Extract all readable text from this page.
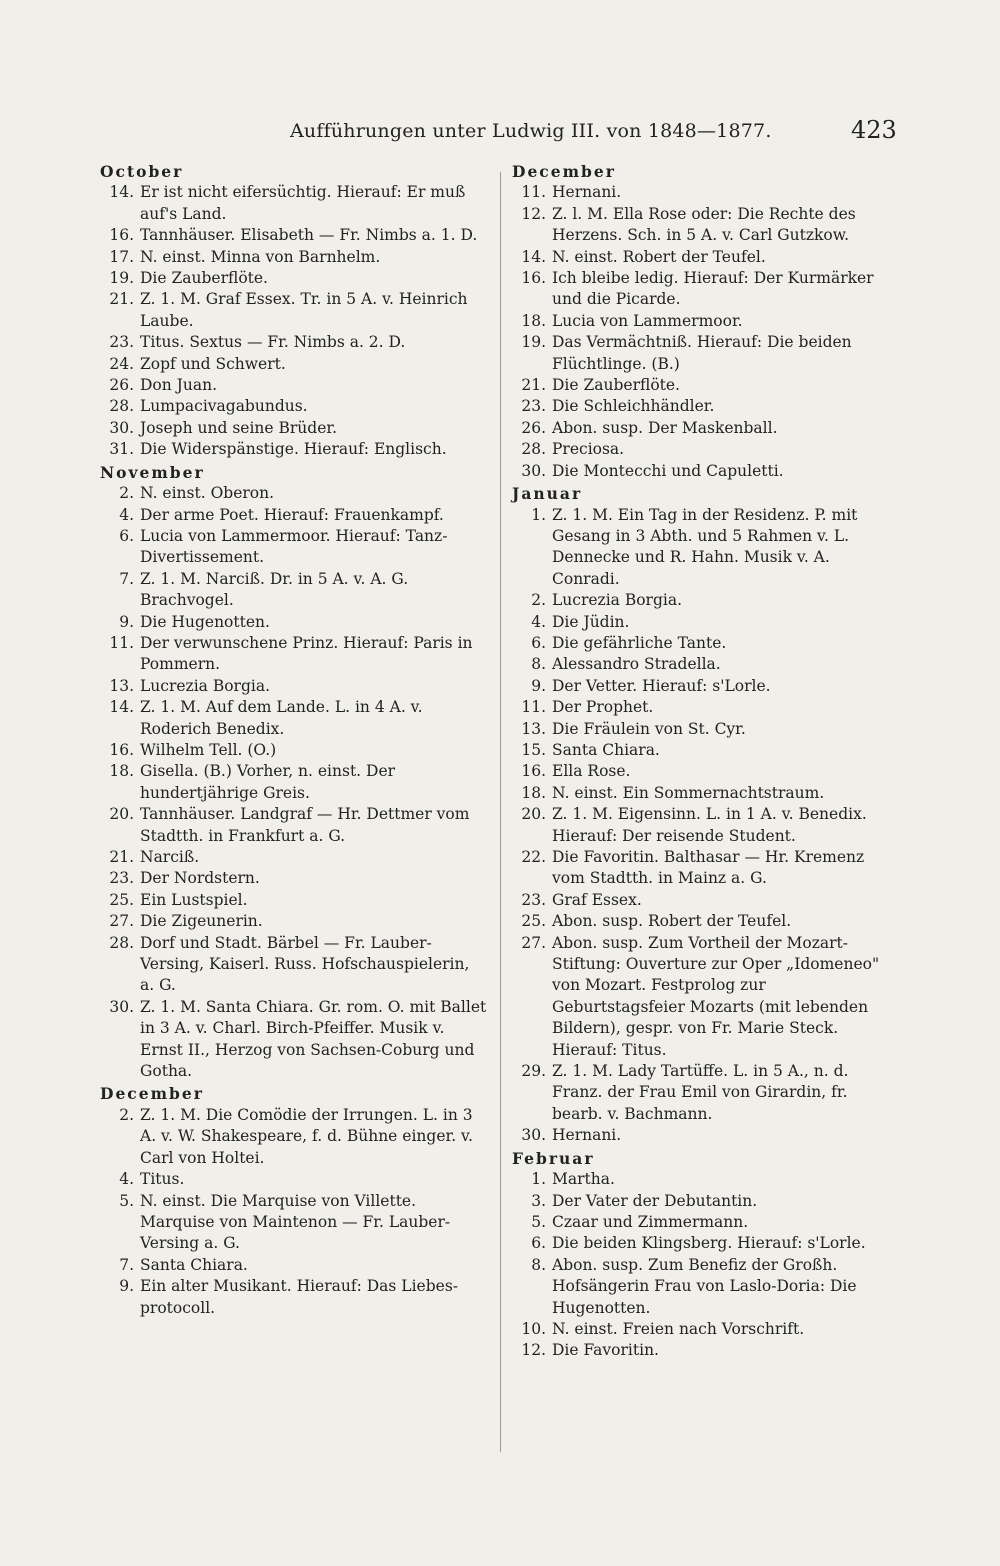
Aufführungen unter Ludwig III. von 1848—1877.	423
October
14. Er ist nicht eifersüchtig. Hierauf: Er muß auf's Land.
16. Tannhäuser. Elisabeth — Fr. Nimbs a. 1. D.
17. N. einst. Minna von Barnhelm.
19. Die Zauberflöte.
21. Z. 1. M. Graf Essex. Tr. in 5 A. v. Heinrich Laube.
23. Titus. Sextus — Fr. Nimbs a. 2. D.
24. Zopf und Schwert.
26. Don Juan.
28. Lumpacivagabundus.
30. Joseph und seine Brüder.
31. Die Widerspänstige. Hierauf: Englisch.
November
2. N. einst. Oberon.
4. Der arme Poet. Hierauf: Frauenkampf.
6. Lucia von Lammermoor. Hierauf: Tanz-Divertissement.
7. Z. 1. M. Narciß. Dr. in 5 A. v. A. G. Brachvogel.
9. Die Hugenotten.
11. Der verwunschene Prinz. Hierauf: Paris in Pommern.
13. Lucrezia Borgia.
14. Z. 1. M. Auf dem Lande. L. in 4 A. v. Roderich Benedix.
16. Wilhelm Tell. (O.)
18. Gisella. (B.) Vorher, n. einst. Der hundertjährige Greis.
20. Tannhäuser. Landgraf — Hr. Dettmer vom Stadtth. in Frankfurt a. G.
21. Narciß.
23. Der Nordstern.
25. Ein Lustspiel.
27. Die Zigeunerin.
28. Dorf und Stadt. Bärbel — Fr. Lauber-Versing, Kaiserl. Russ. Hofschauspielerin, a. G.
30. Z. 1. M. Santa Chiara. Gr. rom. O. mit Ballet in 3 A. v. Charl. Birch-Pfeiffer. Musik v. Ernst II., Herzog von Sachsen-Coburg und Gotha.
December
2. Z. 1. M. Die Comödie der Irrungen. L. in 3 A. v. W. Shakespeare, f. d. Bühne einger. v. Carl von Holtei.
4. Titus.
5. N. einst. Die Marquise von Villette. Marquise von Maintenon — Fr. Lauber-Versing a. G.
7. Santa Chiara.
9. Ein alter Musikant. Hierauf: Das Liebes-protocoll.
December
11. Hernani.
12. Z. l. M. Ella Rose oder: Die Rechte des Herzens. Sch. in 5 A. v. Carl Gutzkow.
14. N. einst. Robert der Teufel.
16. Ich bleibe ledig. Hierauf: Der Kurmärker und die Picarde.
18. Lucia von Lammermoor.
19. Das Vermächtniß. Hierauf: Die beiden Flüchtlinge. (B.)
21. Die Zauberflöte.
23. Die Schleichhändler.
26. Abon. susp. Der Maskenball.
28. Preciosa.
30. Die Montecchi und Capuletti.
Januar
1. Z. 1. M. Ein Tag in der Residenz. P. mit Gesang in 3 Abth. und 5 Rahmen v. L. Dennecke und R. Hahn. Musik v. A. Conradi.
2. Lucrezia Borgia.
4. Die Jüdin.
6. Die gefährliche Tante.
8. Alessandro Stradella.
9. Der Vetter. Hierauf: s'Lorle.
11. Der Prophet.
13. Die Fräulein von St. Cyr.
15. Santa Chiara.
16. Ella Rose.
18. N. einst. Ein Sommernachtstraum.
20. Z. 1. M. Eigensinn. L. in 1 A. v. Benedix. Hierauf: Der reisende Student.
22. Die Favoritin. Balthasar — Hr. Kremenz vom Stadtth. in Mainz a. G.
23. Graf Essex.
25. Abon. susp. Robert der Teufel.
27. Abon. susp. Zum Vortheil der Mozart-Stiftung: Ouverture zur Oper „Idomeneo" von Mozart. Festprolog zur Geburtstagsfeier Mozarts (mit lebenden Bildern), gespr. von Fr. Marie Steck. Hierauf: Titus.
29. Z. 1. M. Lady Tartüffe. L. in 5 A., n. d. Franz. der Frau Emil von Girardin, fr. bearb. v. Bachmann.
30. Hernani.
Februar
1. Martha.
3. Der Vater der Debutantin.
5. Czaar und Zimmermann.
6. Die beiden Klingsberg. Hierauf: s'Lorle.
8. Abon. susp. Zum Benefiz der Großh. Hofsängerin Frau von Laslo-Doria: Die Hugenotten.
10. N. einst. Freien nach Vorschrift.
12. Die Favoritin.
